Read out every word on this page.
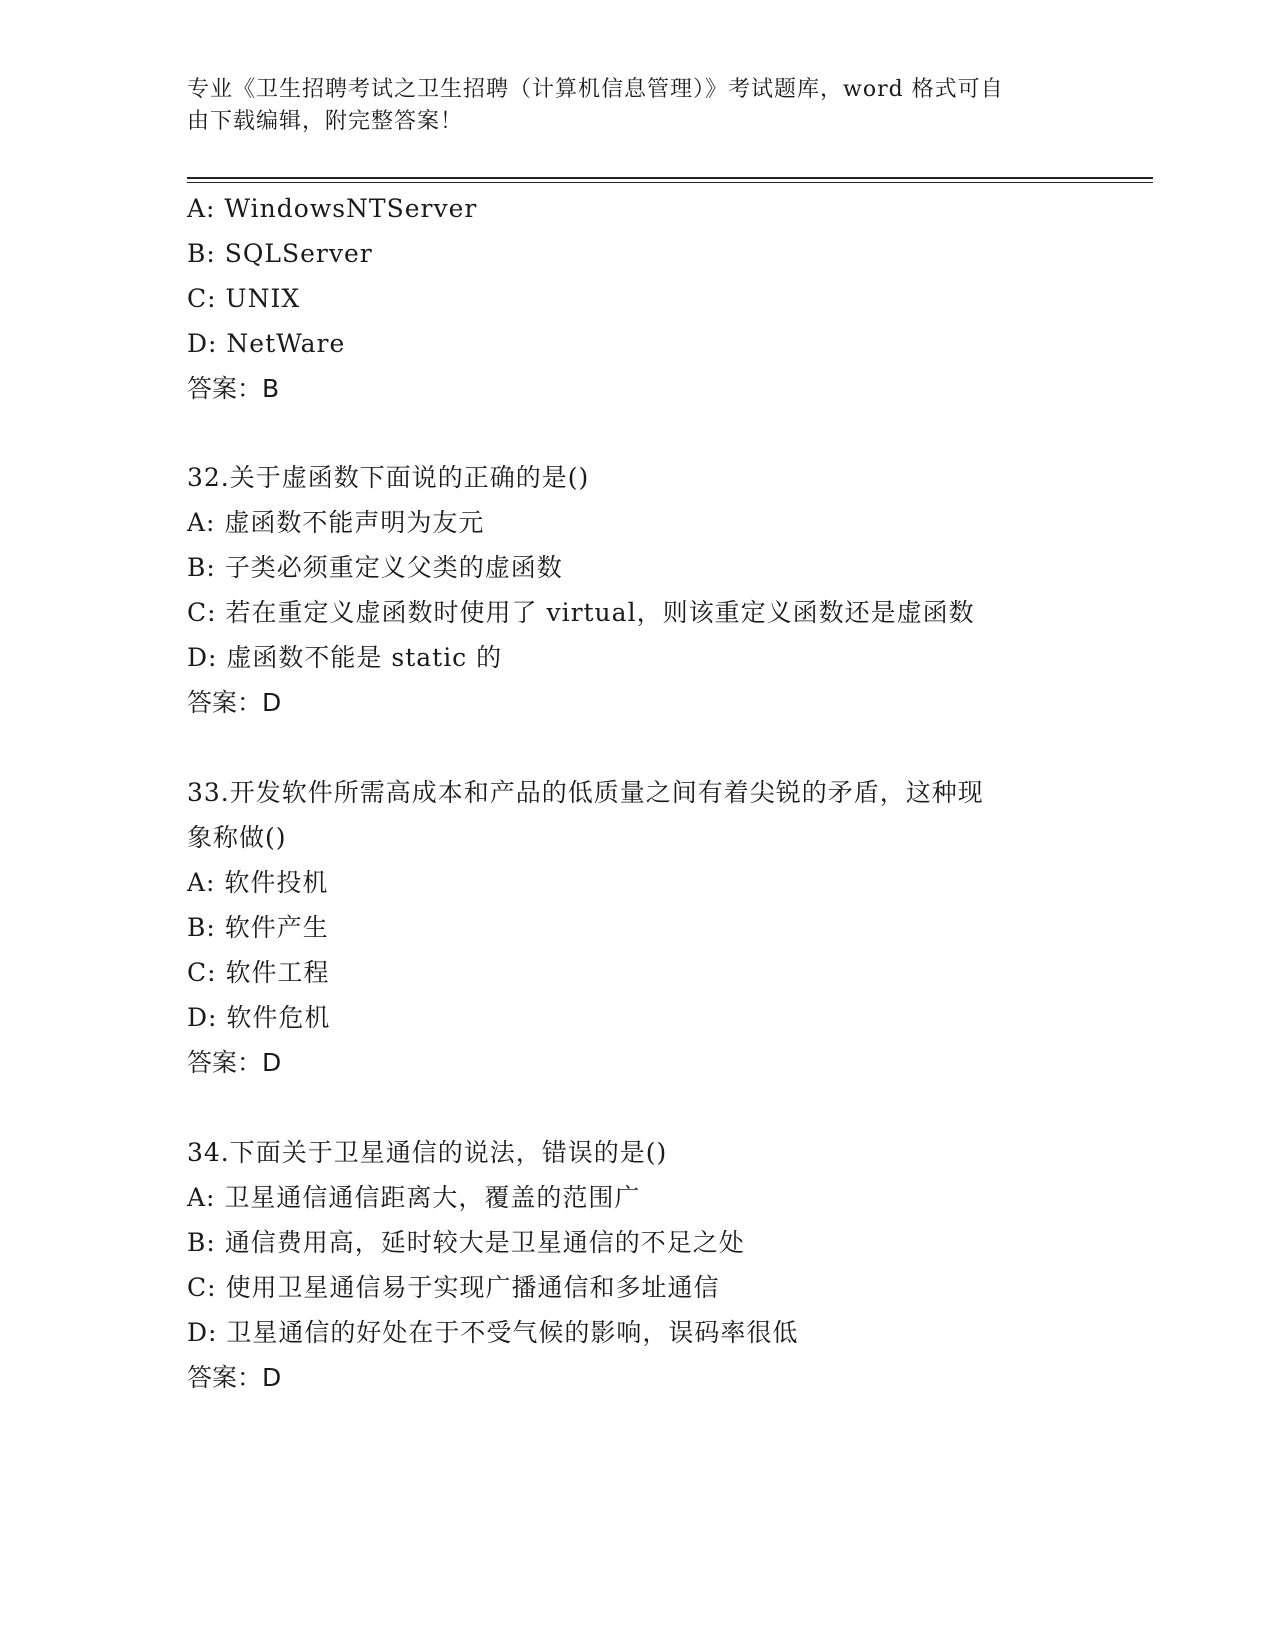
专业《卫生招聘考试之卫生招聘（计算机信息管理）》考试题库，word 格式可自
由下载编辑，附完整答案！
A: WindowsNTServer
B: SQLServer
C: UNIX
D: NetWare
答案：B
32.关于虚函数下面说的正确的是()
A: 虚函数不能声明为友元
B: 子类必须重定义父类的虚函数
C: 若在重定义虚函数时使用了 virtual，则该重定义函数还是虚函数
D: 虚函数不能是 static 的
答案：D
33.开发软件所需高成本和产品的低质量之间有着尖锐的矛盾，这种现
象称做()
A: 软件投机
B: 软件产生
C: 软件工程
D: 软件危机
答案：D
34.下面关于卫星通信的说法，错误的是()
A: 卫星通信通信距离大，覆盖的范围广
B: 通信费用高，延时较大是卫星通信的不足之处
C: 使用卫星通信易于实现广播通信和多址通信
D: 卫星通信的好处在于不受气候的影响，误码率很低
答案：D
